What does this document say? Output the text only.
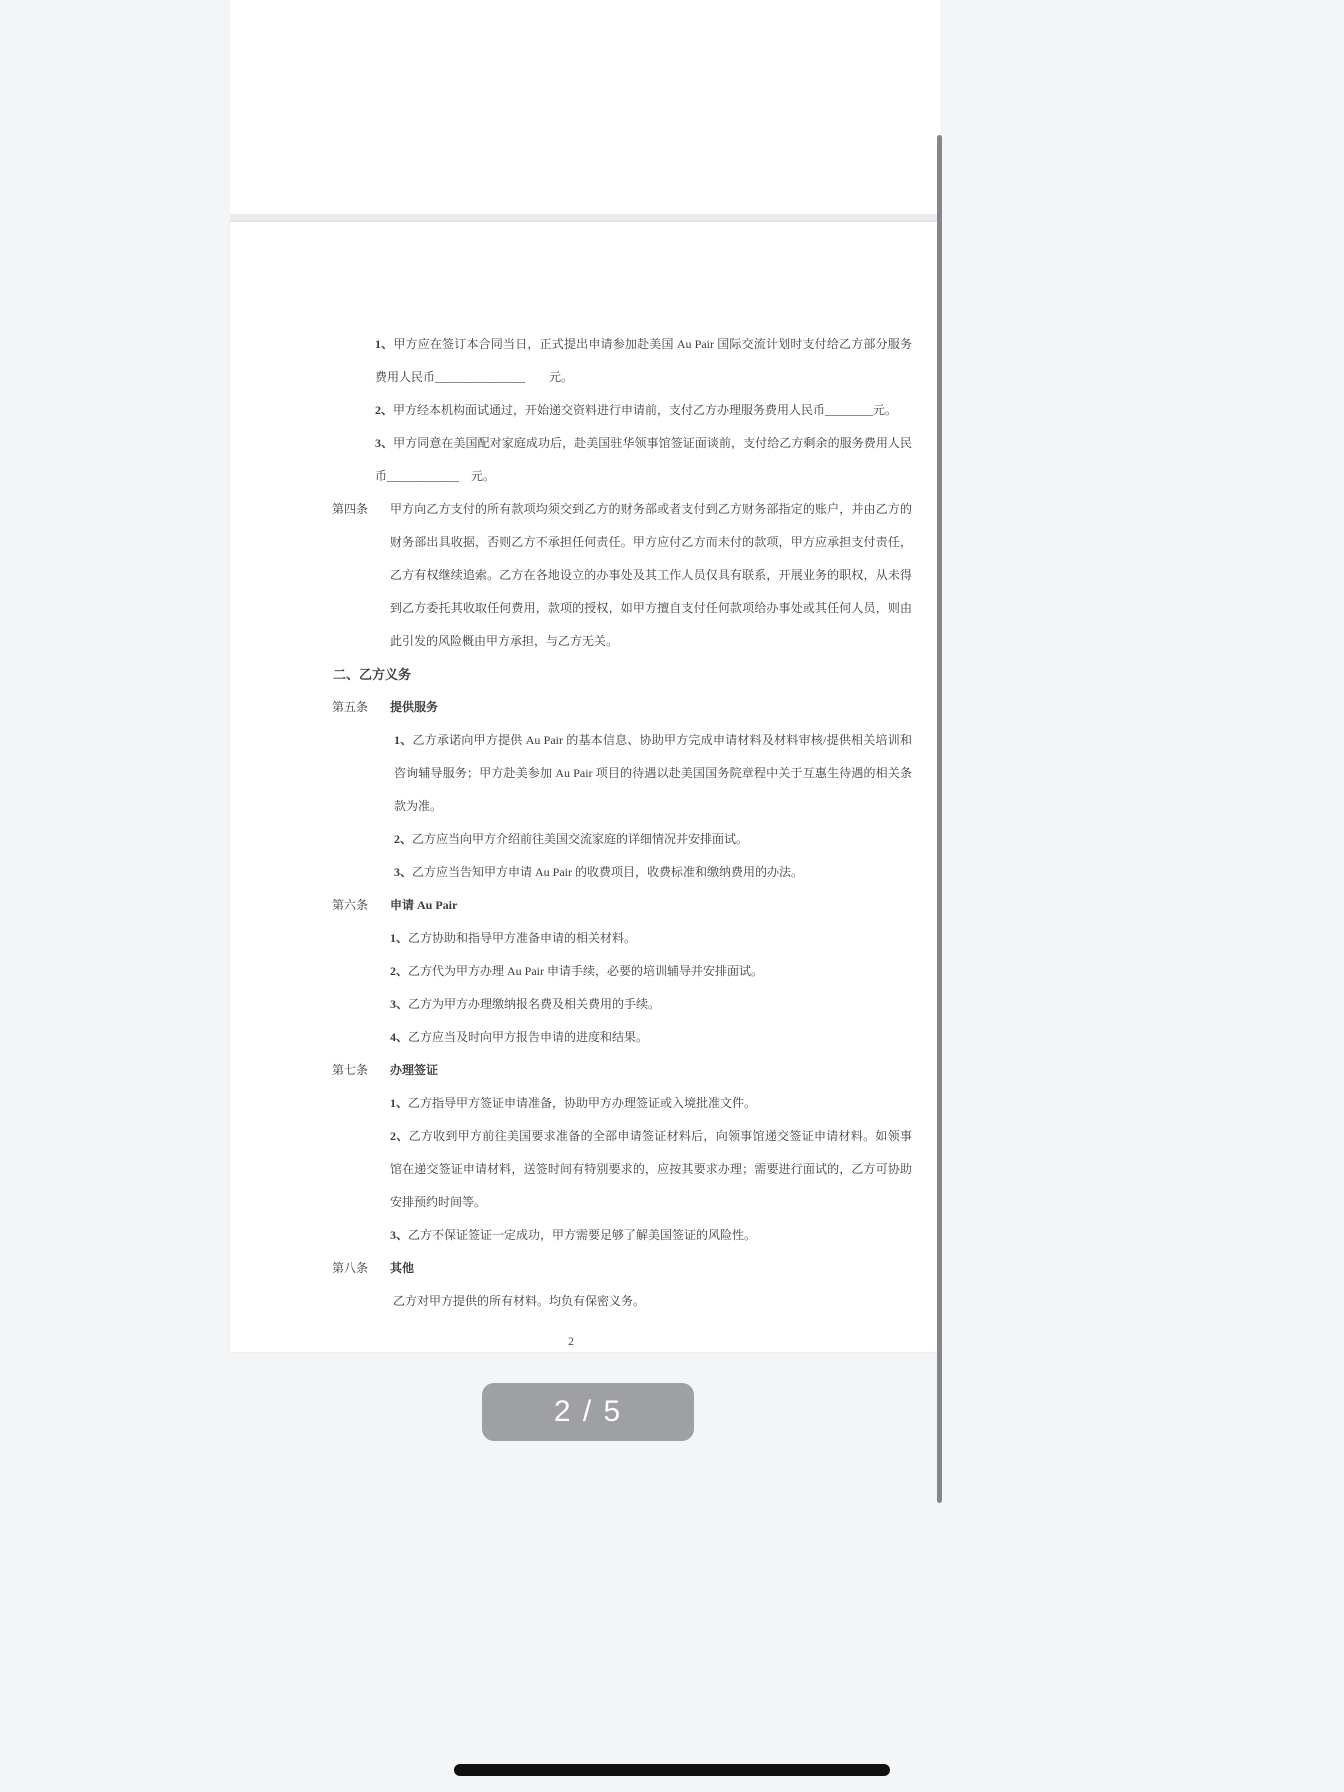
1、甲方应在签订本合同当日，正式提出申请参加赴美国 Au Pair 国际交流计划时支付给乙方部分服务费用人民币_______________　　元。

2、甲方经本机构面试通过，开始递交资料进行申请前，支付乙方办理服务费用人民币________元。

3、甲方同意在美国配对家庭成功后，赴美国驻华领事馆签证面谈前，支付给乙方剩余的服务费用人民币____________　元。

第四条	甲方向乙方支付的所有款项均须交到乙方的财务部或者支付到乙方财务部指定的账户，并由乙方的财务部出具收据，否则乙方不承担任何责任。甲方应付乙方而未付的款项，甲方应承担支付责任，乙方有权继续追索。乙方在各地设立的办事处及其工作人员仅具有联系，开展业务的职权，从未得到乙方委托其收取任何费用，款项的授权，如甲方擅自支付任何款项给办事处或其任何人员，则由此引发的风险概由甲方承担，与乙方无关。
二、乙方义务
第五条	提供服务

1、乙方承诺向甲方提供 Au Pair 的基本信息、协助甲方完成申请材料及材料审核/提供相关培训和咨询辅导服务；甲方赴美参加 Au Pair 项目的待遇以赴美国国务院章程中关于互惠生待遇的相关条款为准。

2、乙方应当向甲方介绍前往美国交流家庭的详细情况并安排面试。

3、乙方应当告知甲方申请 Au Pair 的收费项目，收费标准和缴纳费用的办法。

第六条	申请 Au Pair

1、乙方协助和指导甲方准备申请的相关材料。

2、乙方代为甲方办理 Au Pair 申请手续，必要的培训辅导并安排面试。

3、乙方为甲方办理缴纳报名费及相关费用的手续。

4、乙方应当及时向甲方报告申请的进度和结果。

第七条	办理签证

1、乙方指导甲方签证申请准备，协助甲方办理签证或入境批准文件。

2、乙方收到甲方前往美国要求准备的全部申请签证材料后，向领事馆递交签证申请材料。如领事馆在递交签证申请材料，送签时间有特别要求的，应按其要求办理；需要进行面试的，乙方可协助安排预约时间等。

3、乙方不保证签证一定成功，甲方需要足够了解美国签证的风险性。

第八条	其他

乙方对甲方提供的所有材料。均负有保密义务。

2
2 / 5
